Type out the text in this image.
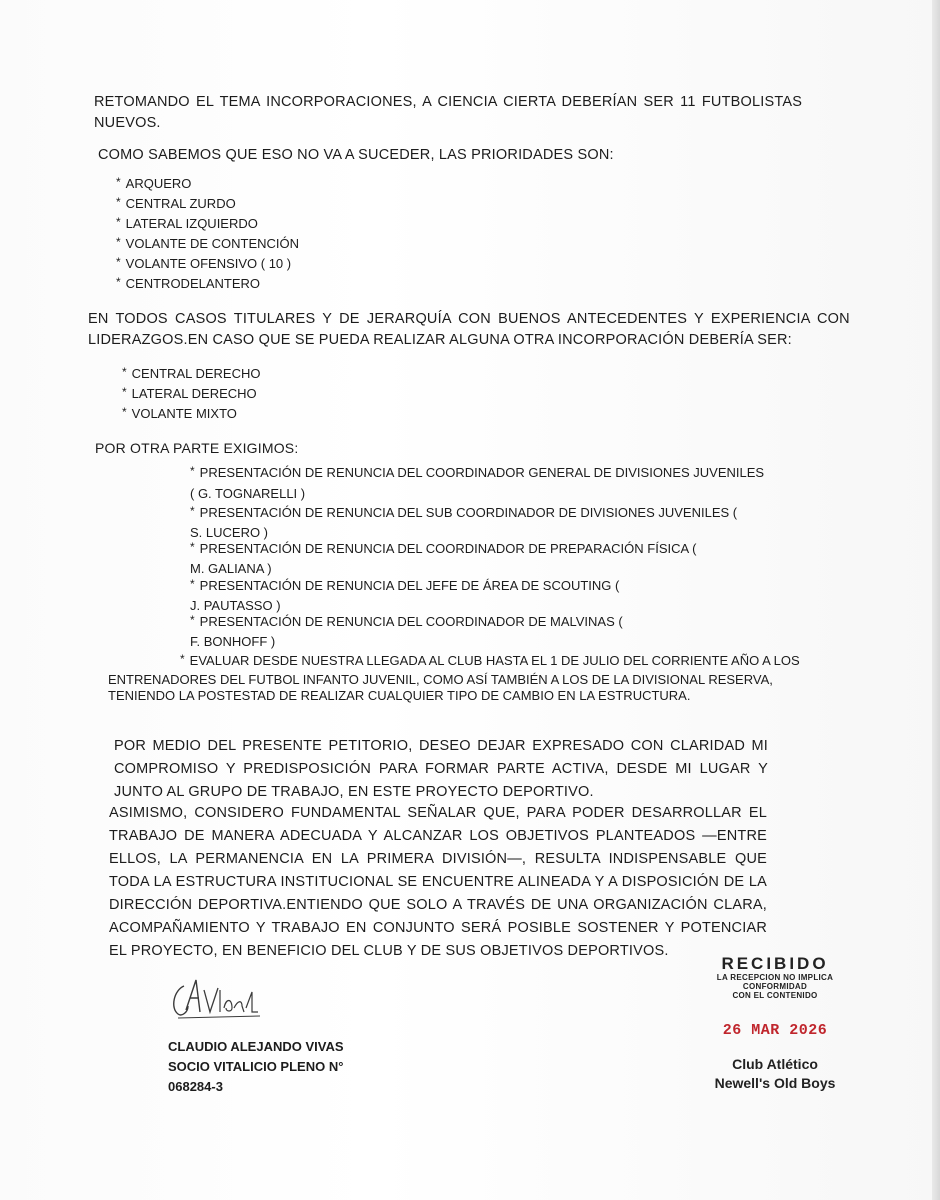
RETOMANDO EL TEMA INCORPORACIONES, A CIENCIA CIERTA DEBERÍAN SER 11 FUTBOLISTAS
NUEVOS.
COMO SABEMOS QUE ESO NO VA A SUCEDER, LAS PRIORIDADES SON:
* ARQUERO
* CENTRAL ZURDO
* LATERAL IZQUIERDO
* VOLANTE DE CONTENCIÓN
* VOLANTE OFENSIVO ( 10 )
* CENTRODELANTERO
EN TODOS CASOS TITULARES Y DE JERARQUÍA CON BUENOS ANTECEDENTES Y EXPERIENCIA CON
LIDERAZGOS.EN CASO QUE SE PUEDA REALIZAR ALGUNA OTRA INCORPORACIÓN DEBERÍA SER:
* CENTRAL DERECHO
* LATERAL DERECHO
* VOLANTE MIXTO
POR OTRA PARTE EXIGIMOS:
* PRESENTACIÓN DE RENUNCIA DEL COORDINADOR GENERAL DE DIVISIONES JUVENILES
( G. TOGNARELLI )
* PRESENTACIÓN DE RENUNCIA DEL SUB COORDINADOR DE DIVISIONES JUVENILES (
S. LUCERO )
* PRESENTACIÓN DE RENUNCIA DEL COORDINADOR DE PREPARACIÓN FÍSICA (
M. GALIANA )
* PRESENTACIÓN DE RENUNCIA DEL JEFE DE ÁREA DE SCOUTING (
J. PAUTASSO )
* PRESENTACIÓN DE RENUNCIA DEL COORDINADOR DE MALVINAS (
F. BONHOFF )
* EVALUAR DESDE NUESTRA LLEGADA AL CLUB HASTA EL 1 DE JULIO DEL CORRIENTE AÑO A LOS
ENTRENADORES DEL FUTBOL INFANTO JUVENIL, COMO ASÍ TAMBIÉN A LOS DE LA DIVISIONAL RESERVA,
TENIENDO LA POSTESTAD DE REALIZAR CUALQUIER TIPO DE CAMBIO EN LA ESTRUCTURA.
POR MEDIO DEL PRESENTE PETITORIO, DESEO DEJAR EXPRESADO CON CLARIDAD MI COMPROMISO Y PREDISPOSICIÓN PARA FORMAR PARTE ACTIVA, DESDE MI LUGAR Y JUNTO AL GRUPO DE TRABAJO, EN ESTE PROYECTO DEPORTIVO.
ASIMISMO, CONSIDERO FUNDAMENTAL SEÑALAR QUE, PARA PODER DESARROLLAR EL TRABAJO DE MANERA ADECUADA Y ALCANZAR LOS OBJETIVOS PLANTEADOS —ENTRE ELLOS, LA PERMANENCIA EN LA PRIMERA DIVISIÓN—, RESULTA INDISPENSABLE QUE TODA LA ESTRUCTURA INSTITUCIONAL SE ENCUENTRE ALINEADA Y A DISPOSICIÓN DE LA DIRECCIÓN DEPORTIVA.ENTIENDO QUE SOLO A TRAVÉS DE UNA ORGANIZACIÓN CLARA, ACOMPAÑAMIENTO Y TRABAJO EN CONJUNTO SERÁ POSIBLE SOSTENER Y POTENCIAR EL PROYECTO, EN BENEFICIO DEL CLUB Y DE SUS OBJETIVOS DEPORTIVOS.
CLAUDIO ALEJANDO VIVAS
SOCIO VITALICIO PLENO N°
068284-3
RECIBIDO
LA RECEPCION NO IMPLICA
CONFORMIDAD
CON EL CONTENIDO
26 MAR 2026
Club Atlético
Newell's Old Boys
